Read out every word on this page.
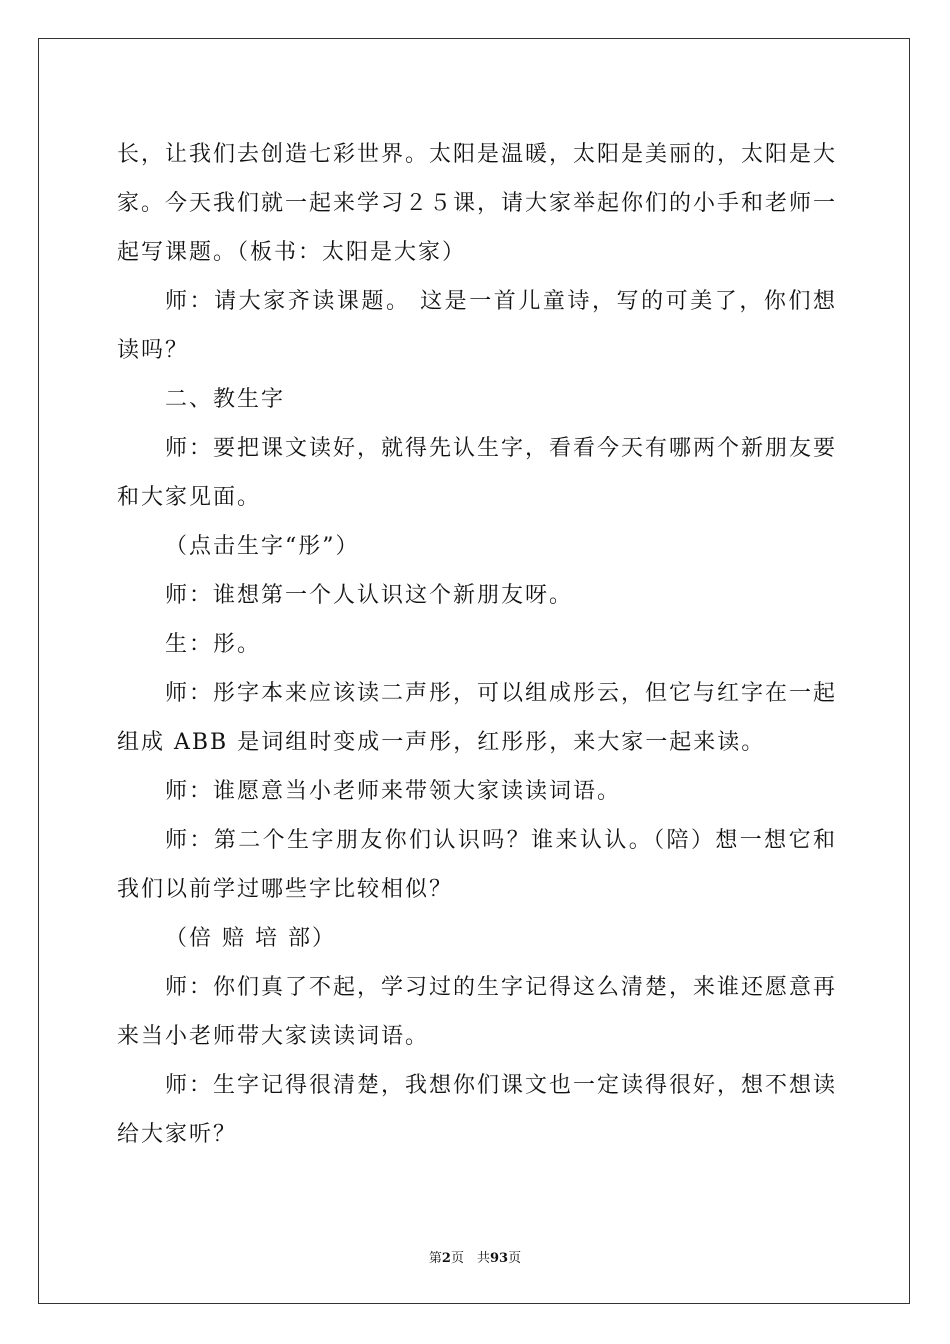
长，让我们去创造七彩世界。太阳是温暖，太阳是美丽的，太阳是大家。今天我们就一起来学习２５课，请大家举起你们的小手和老师一起写课题。（板书：太阳是大家）

师：请大家齐读课题。 这是一首儿童诗，写的可美了，你们想读吗？

二、教生字

师：要把课文读好，就得先认生字，看看今天有哪两个新朋友要和大家见面。

（点击生字“彤”）

师：谁想第一个人认识这个新朋友呀。

生：彤。

师：彤字本来应该读二声彤，可以组成彤云，但它与红字在一起组成 ABB 是词组时变成一声彤，红彤彤，来大家一起来读。

师：谁愿意当小老师来带领大家读读词语。

师：第二个生字朋友你们认识吗？谁来认认。（陪）想一想它和我们以前学过哪些字比较相似？

（倍 赔 培 部）

师：你们真了不起，学习过的生字记得这么清楚，来谁还愿意再来当小老师带大家读读词语。

师：生字记得很清楚，我想你们课文也一定读得很好，想不想读给大家听？

第2页　共93页
